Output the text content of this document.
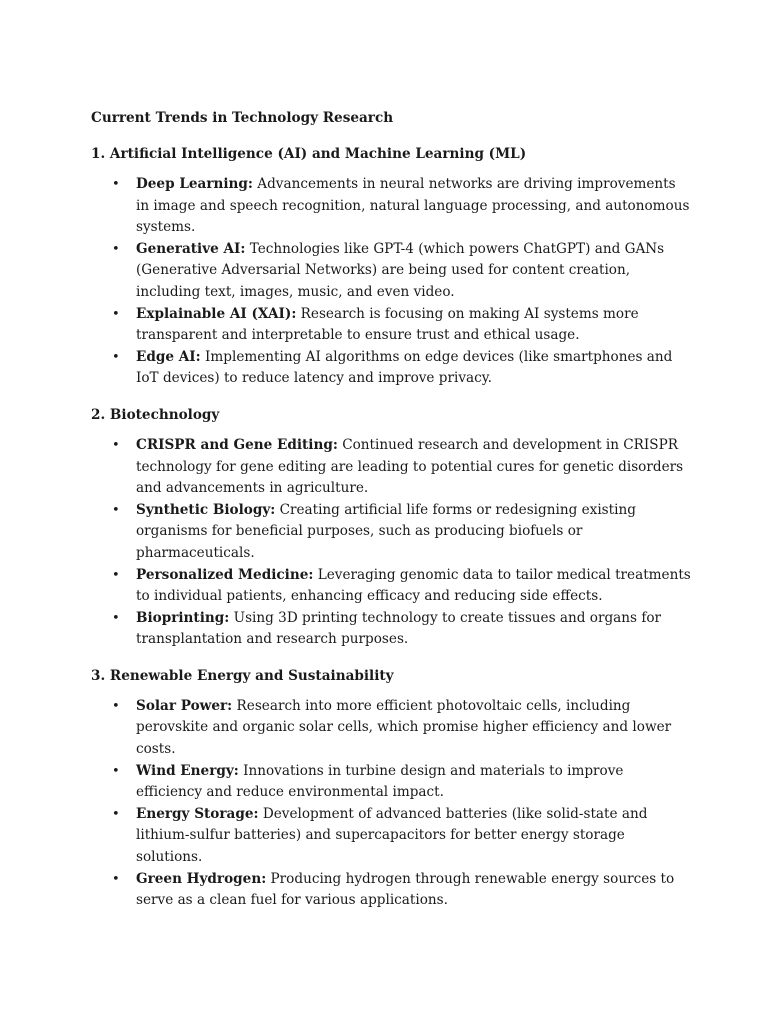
Current Trends in Technology Research
1. Artificial Intelligence (AI) and Machine Learning (ML)
• Deep Learning: Advancements in neural networks are driving improvements in image and speech recognition, natural language processing, and autonomous systems.
• Generative AI: Technologies like GPT-4 (which powers ChatGPT) and GANs (Generative Adversarial Networks) are being used for content creation, including text, images, music, and even video.
• Explainable AI (XAI): Research is focusing on making AI systems more transparent and interpretable to ensure trust and ethical usage.
• Edge AI: Implementing AI algorithms on edge devices (like smartphones and IoT devices) to reduce latency and improve privacy.
2. Biotechnology
• CRISPR and Gene Editing: Continued research and development in CRISPR technology for gene editing are leading to potential cures for genetic disorders and advancements in agriculture.
• Synthetic Biology: Creating artificial life forms or redesigning existing organisms for beneficial purposes, such as producing biofuels or pharmaceuticals.
• Personalized Medicine: Leveraging genomic data to tailor medical treatments to individual patients, enhancing efficacy and reducing side effects.
• Bioprinting: Using 3D printing technology to create tissues and organs for transplantation and research purposes.
3. Renewable Energy and Sustainability
• Solar Power: Research into more efficient photovoltaic cells, including perovskite and organic solar cells, which promise higher efficiency and lower costs.
• Wind Energy: Innovations in turbine design and materials to improve efficiency and reduce environmental impact.
• Energy Storage: Development of advanced batteries (like solid-state and lithium-sulfur batteries) and supercapacitors for better energy storage solutions.
• Green Hydrogen: Producing hydrogen through renewable energy sources to serve as a clean fuel for various applications.
